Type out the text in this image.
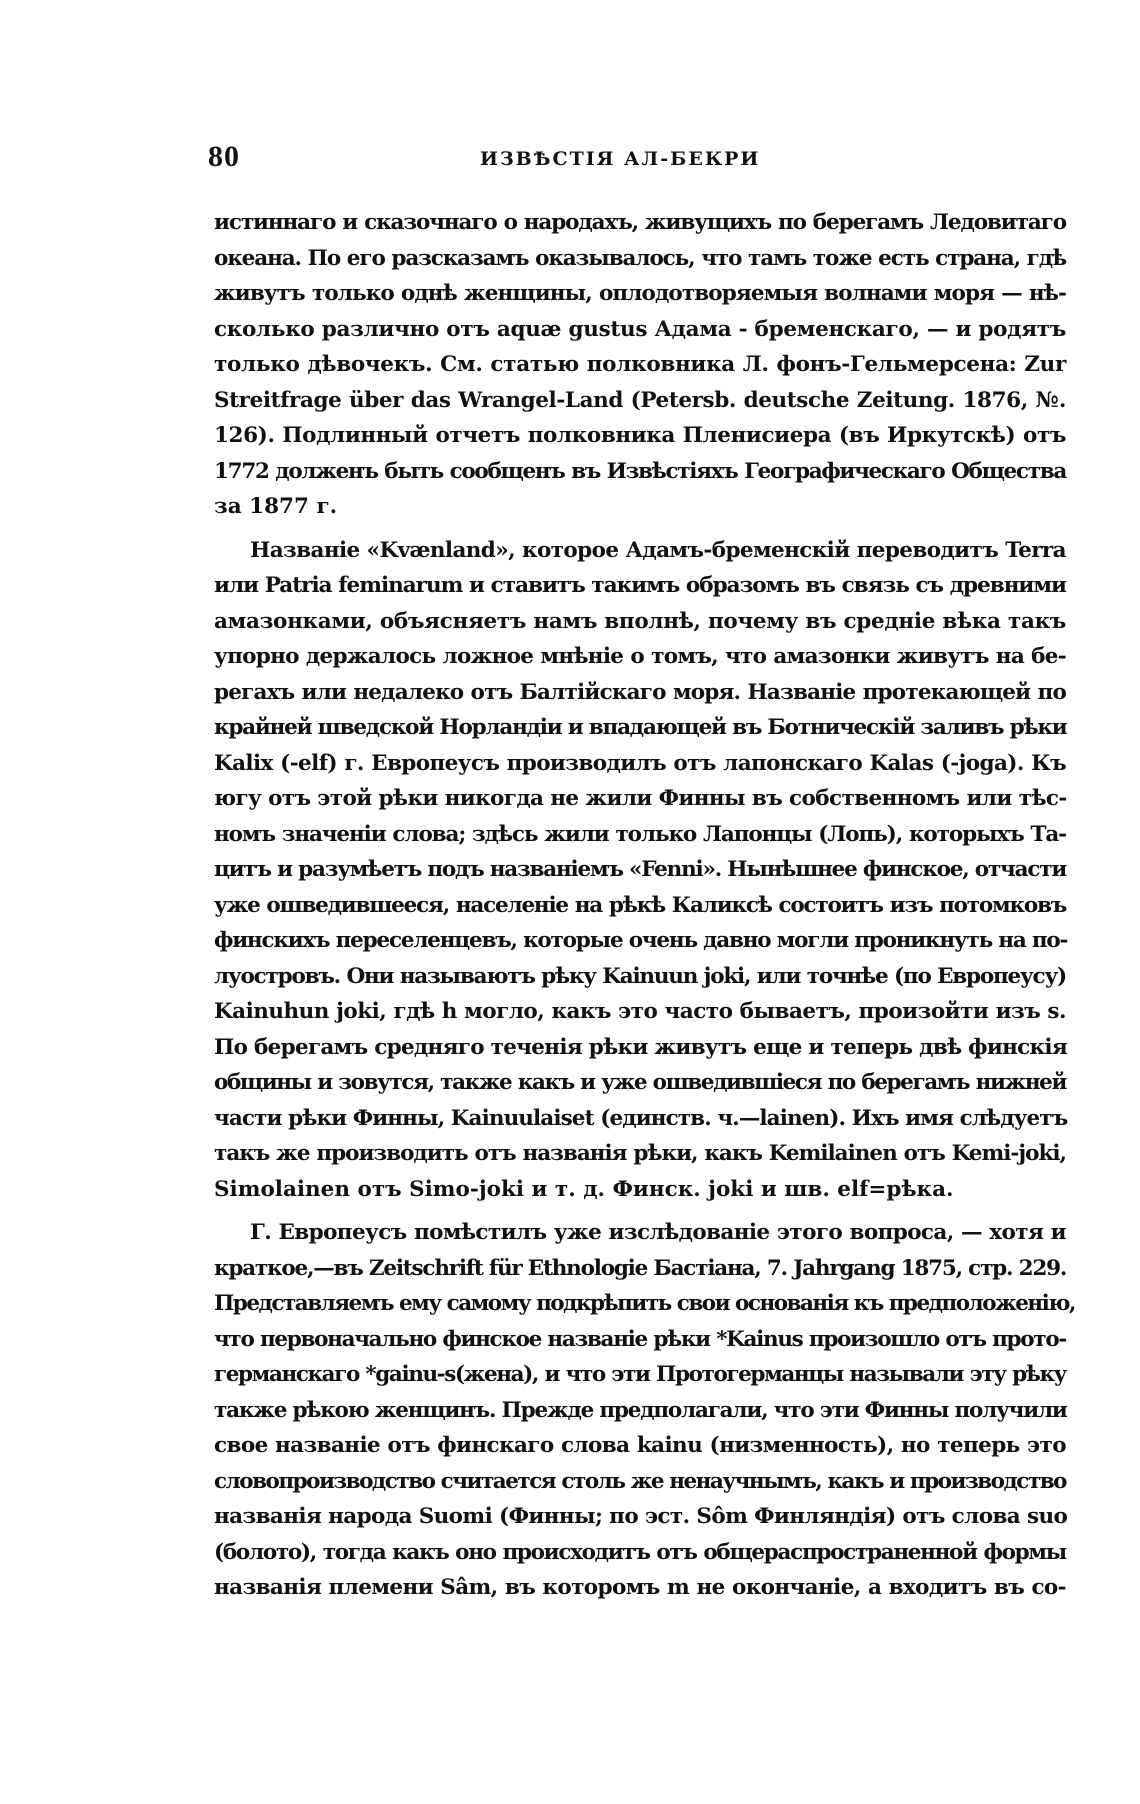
80	ИЗВѢСТІЯ АЛ-БЕКРИ

истиннаго и сказочнаго о народахъ, живущихъ по берегамъ Ледовитаго
океана. По его разсказамъ оказывалось, что тамъ тоже есть страна, гдѣ
живутъ только однѣ женщины, оплодотворяемыя волнами моря — нѣ-
сколько различно отъ aquæ gustus Адама - бременскаго, — и родятъ
только дѣвочекъ. См. статью полковника Л. фонъ-Гельмерсена: Zur
Streitfrage über das Wrangel-Land (Petersb. deutsche Zeitung. 1876, №.
126). Подлинный отчетъ полковника Пленисиера (въ Иркутскѣ) отъ
1772 долженъ быть сообщенъ въ Извѣстіяхъ Географическаго Общества
за 1877 г.

Названіе «Kvænland», которое Адамъ-бременскій переводитъ Terra
или Patria feminarum и ставитъ такимъ образомъ въ связь съ древними
амазонками, объясняетъ намъ вполнѣ, почему въ средніе вѣка такъ
упорно держалось ложное мнѣніе о томъ, что амазонки живутъ на бе-
регахъ или недалеко отъ Балтійскаго моря. Названіе протекающей по
крайней шведской Норландіи и впадающей въ Ботническій заливъ рѣки
Kalix (-elf) г. Европеусъ производилъ отъ лапонскаго Kalas (-joga). Къ
югу отъ этой рѣки никогда не жили Финны въ собственномъ или тѣс-
номъ значеніи слова; здѣсь жили только Лапонцы (Лопь), которыхъ Та-
цитъ и разумѣетъ подъ названіемъ «Fenni». Нынѣшнее финское, отчасти
уже ошведившееся, населеніе на рѣкѣ Каликсѣ состоитъ изъ потомковъ
финскихъ переселенцевъ, которые очень давно могли проникнуть на по-
луостровъ. Они называютъ рѣку Kainuun joki, или точнѣе (по Европеусу)
Kainuhun joki, гдѣ h могло, какъ это часто бываетъ, произойти изъ s.
По берегамъ средняго теченія рѣки живутъ еще и теперь двѣ финскія
общины и зовутся, также какъ и уже ошведившіеся по берегамъ нижней
части рѣки Финны, Kainuulaiset (единств. ч.—lainen). Ихъ имя слѣдуетъ
такъ же производить отъ названія рѣки, какъ Kemilainen отъ Kemi-joki,
Simolainen отъ Simo-joki и т. д. Финск. joki и шв. elf=рѣка.

Г. Европеусъ помѣстилъ уже изслѣдованіе этого вопроса, — хотя и
краткое,—въ Zeitschrift für Ethnologie Бастіана, 7. Jahrgang 1875, стр. 229.
Представляемъ ему самому подкрѣпить свои основанія къ предположенію,
что первоначально финское названіе рѣки *Kainus произошло отъ прото-
германскаго *gainu-s(жена), и что эти Протогерманцы называли эту рѣку
также рѣкою женщинъ. Прежде предполагали, что эти Финны получили
свое названіе отъ финскаго слова kainu (низменность), но теперь это
словопроизводство считается столь же ненаучнымъ, какъ и производство
названія народа Suomi (Финны; по эст. Sôm Финляндія) отъ слова suo
(болото), тогда какъ оно происходитъ отъ общераспространенной формы
названія племени Sâm, въ которомъ m не окончаніе, а входитъ въ со-
